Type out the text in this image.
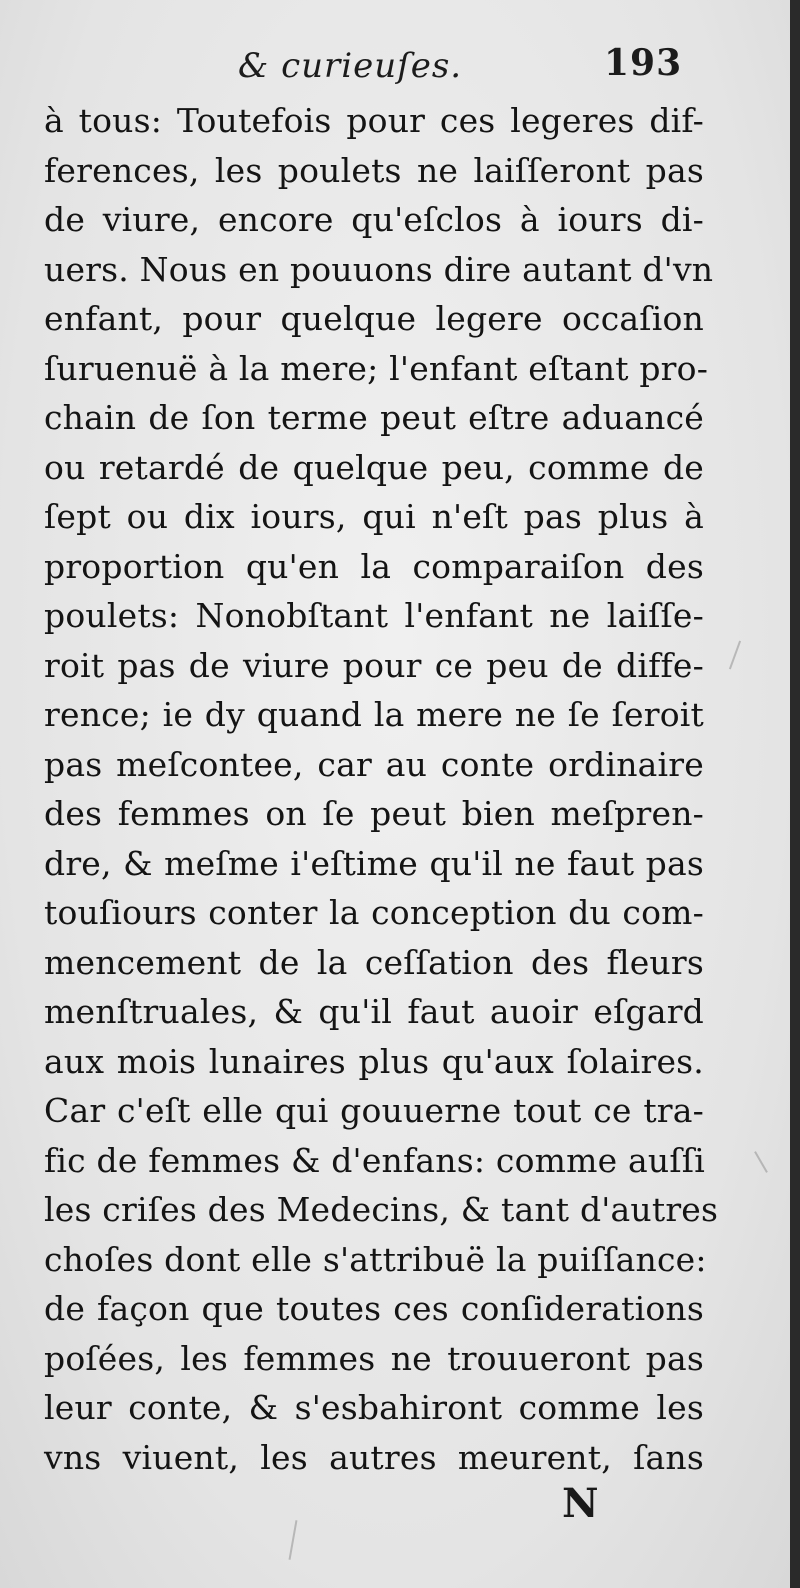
& curieuſes.	193
à tous: Toutefois pour ces legeres dif-
ferences, les poulets ne laiſſeront pas
de viure, encore qu'eſclos à iours di-
uers. Nous en pouuons dire autant d'vn
enfant, pour quelque legere occaſion
ſuruenuë à la mere; l'enfant eſtant pro-
chain de ſon terme peut eſtre aduancé
ou retardé de quelque peu, comme de
ſept ou dix iours, qui n'eſt pas plus à
proportion qu'en la comparaiſon des
poulets: Nonobſtant l'enfant ne laiſſe-
roit pas de viure pour ce peu de diffe-
rence; ie dy quand la mere ne ſe ſeroit
pas meſcontee, car au conte ordinaire
des femmes on ſe peut bien meſpren-
dre, & meſme i'eſtime qu'il ne faut pas
touſiours conter la conception du com-
mencement de la ceſſation des fleurs
menſtruales, & qu'il faut auoir eſgard
aux mois lunaires plus qu'aux ſolaires.
Car c'eſt elle qui gouuerne tout ce tra-
fic de femmes & d'enfans: comme auſſi
les criſes des Medecins, & tant d'autres
choſes dont elle s'attribuë la puiſſance:
de façon que toutes ces conſiderations
poſées, les femmes ne trouueront pas
leur conte, & s'esbahiront comme les
vns viuent, les autres meurent, ſans
N
